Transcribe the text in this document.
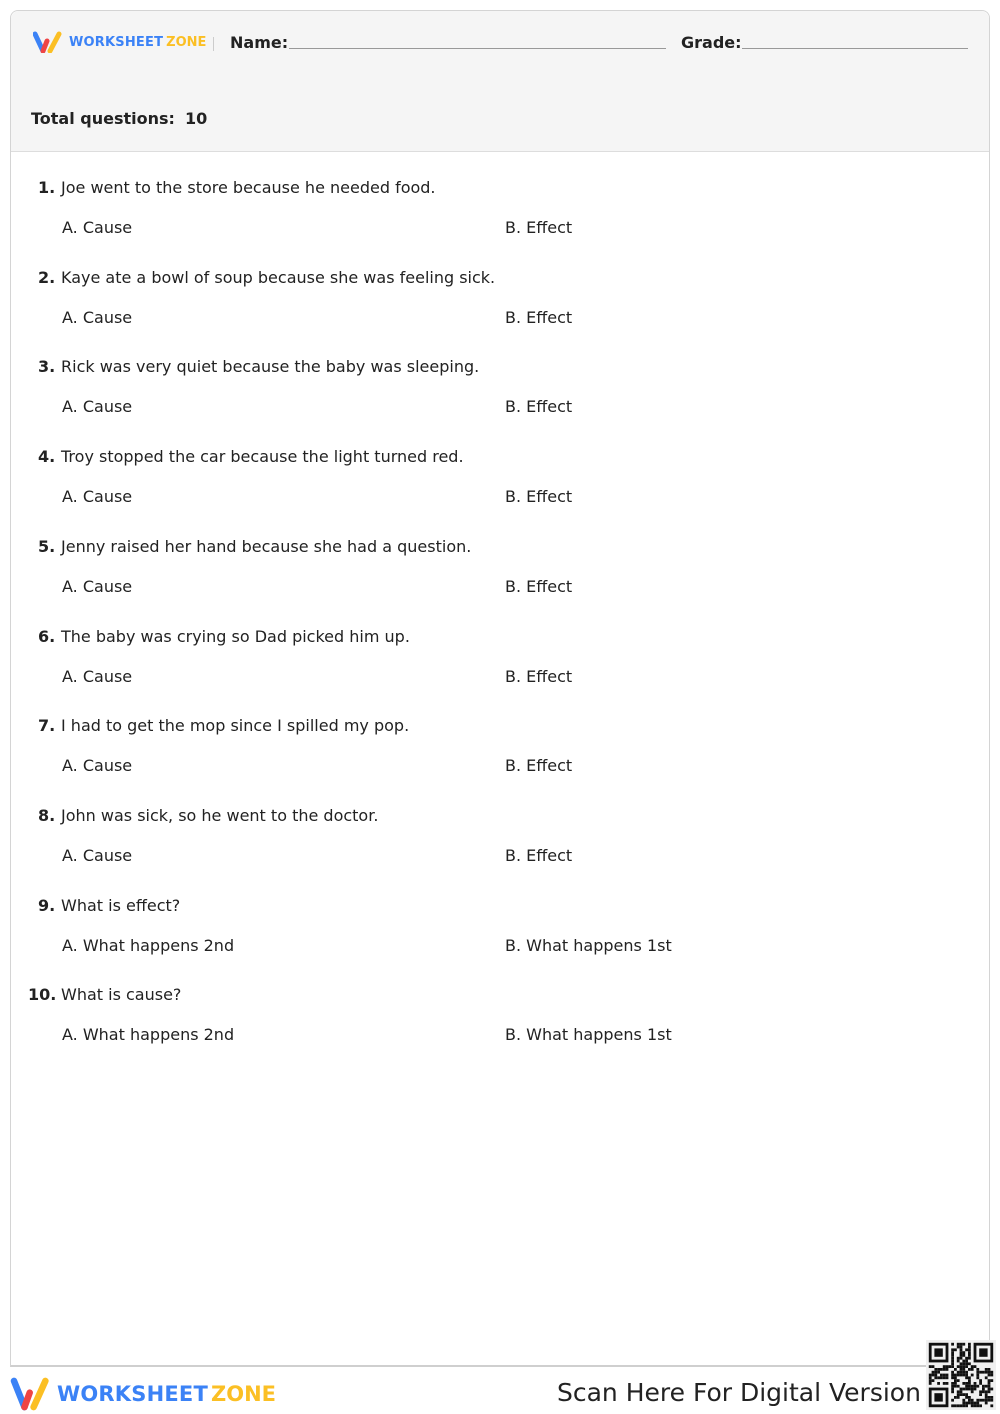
WORKSHEET ZONE Name:	Grade:
Total questions: 10
1. Joe went to the store because he needed food.
A. Cause	B. Effect
2. Kaye ate a bowl of soup because she was feeling sick.
A. Cause	B. Effect
3. Rick was very quiet because the baby was sleeping.
A. Cause	B. Effect
4. Troy stopped the car because the light turned red.
A. Cause	B. Effect
5. Jenny raised her hand because she had a question.
A. Cause	B. Effect
6. The baby was crying so Dad picked him up.
A. Cause	B. Effect
7. I had to get the mop since I spilled my pop.
A. Cause	B. Effect
8. John was sick, so he went to the doctor.
A. Cause	B. Effect
9. What is effect?
A. What happens 2nd	B. What happens 1st
10. What is cause?
A. What happens 2nd	B. What happens 1st
WORKSHEET ZONE	Scan Here For Digital Version
